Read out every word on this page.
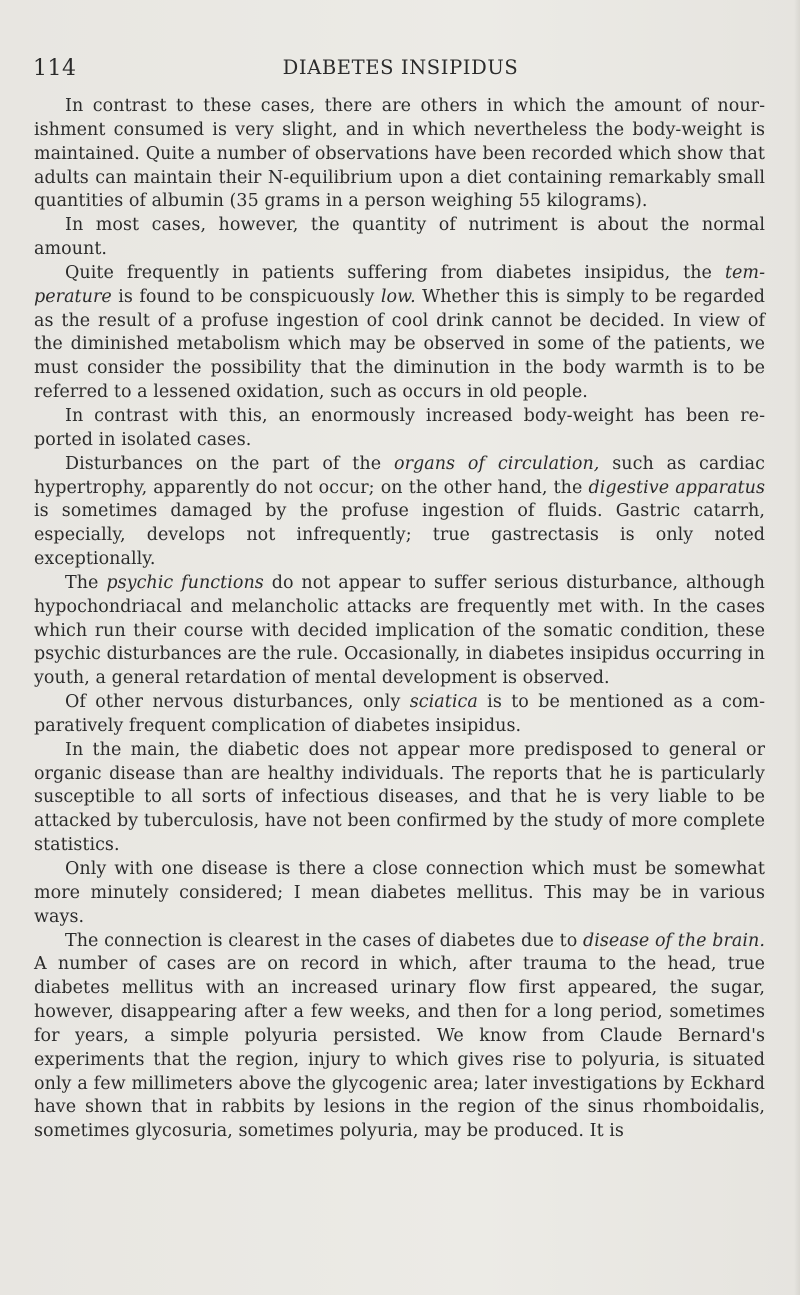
114	DIABETES INSIPIDUS

In contrast to these cases, there are others in which the amount of nourishment consumed is very slight, and in which nevertheless the body-weight is maintained. Quite a number of observations have been recorded which show that adults can maintain their N-equilibrium upon a diet containing remarkably small quantities of albumin (35 grams in a person weighing 55 kilograms).

In most cases, however, the quantity of nutriment is about the normal amount.

Quite frequently in patients suffering from diabetes insipidus, the temperature is found to be conspicuously low. Whether this is simply to be regarded as the result of a profuse ingestion of cool drink cannot be decided. In view of the diminished metabolism which may be observed in some of the patients, we must consider the possibility that the diminution in the body warmth is to be referred to a lessened oxidation, such as occurs in old people.

In contrast with this, an enormously increased body-weight has been reported in isolated cases.

Disturbances on the part of the organs of circulation, such as cardiac hypertrophy, apparently do not occur; on the other hand, the digestive apparatus is sometimes damaged by the profuse ingestion of fluids. Gastric catarrh, especially, develops not infrequently; true gastrectasis is only noted exceptionally.

The psychic functions do not appear to suffer serious disturbance, although hypochondriacal and melancholic attacks are frequently met with. In the cases which run their course with decided implication of the somatic condition, these psychic disturbances are the rule. Occasionally, in diabetes insipidus occurring in youth, a general retardation of mental development is observed.

Of other nervous disturbances, only sciatica is to be mentioned as a comparatively frequent complication of diabetes insipidus.

In the main, the diabetic does not appear more predisposed to general or organic disease than are healthy individuals. The reports that he is particularly susceptible to all sorts of infectious diseases, and that he is very liable to be attacked by tuberculosis, have not been confirmed by the study of more complete statistics.

Only with one disease is there a close connection which must be somewhat more minutely considered; I mean diabetes mellitus. This may be in various ways.

The connection is clearest in the cases of diabetes due to disease of the brain. A number of cases are on record in which, after trauma to the head, true diabetes mellitus with an increased urinary flow first appeared, the sugar, however, disappearing after a few weeks, and then for a long period, sometimes for years, a simple polyuria persisted. We know from Claude Bernard's experiments that the region, injury to which gives rise to polyuria, is situated only a few millimeters above the glycogenic area; later investigations by Eckhard have shown that in rabbits by lesions in the region of the sinus rhomboidalis, sometimes glycosuria, sometimes polyuria, may be produced. It is
